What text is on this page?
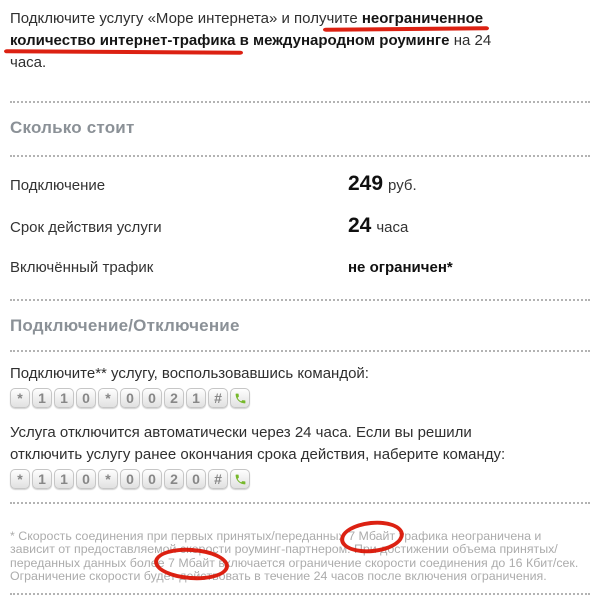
Подключите услугу «Море интернета» и получите неограниченное
количество интернет-трафика в международном роуминге на 24
часа.
Сколько стоит
Подключение	249 руб.
Срок действия услуги	24 часа
Включённый трафик	не ограничен*
Подключение/Отключение
Подключите** услугу, воспользовавшись командой:
*	1	1	0	*	0	0	2	1	#
Услуга отключится автоматически через 24 часа. Если вы решили
отключить услугу ранее окончания срока действия, наберите команду:
*	1	1	0	*	0	0	2	0	#
* Скорость соединения при первых принятых/переданных 7 Мбайт трафика неограничена и
зависит от предоставляемой скорости роуминг-партнером. При достижении объема принятых/
переданных данных более 7 Мбайт включается ограничение скорости соединения до 16 Кбит/сек.
Ограничение скорости будет действовать в течение 24 часов после включения ограничения.
